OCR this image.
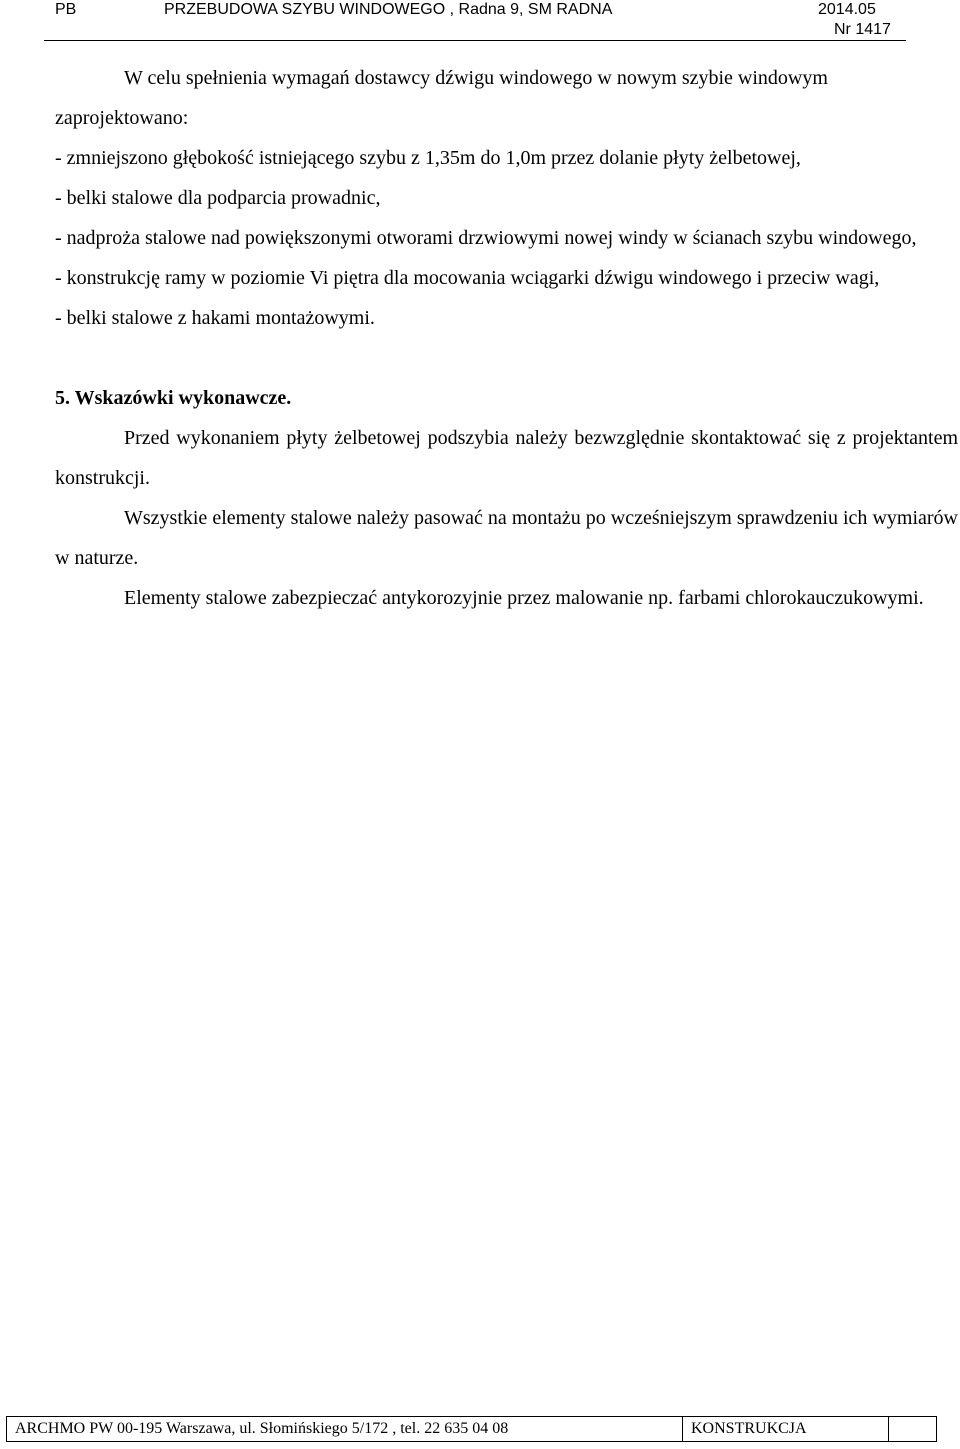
PB	PRZEBUDOWA SZYBU WINDOWEGO , Radna 9, SM RADNA	2014.05
Nr 1417

W celu spełnienia wymagań dostawcy dźwigu windowego w nowym szybie windowym zaprojektowano:

- zmniejszono głębokość istniejącego szybu z 1,35m do 1,0m przez dolanie płyty żelbetowej,

- belki stalowe dla podparcia prowadnic,

- nadproża stalowe nad powiększonymi otworami drzwiowymi nowej windy w ścianach szybu windowego,

- konstrukcję ramy w poziomie Vi piętra dla mocowania wciągarki dźwigu windowego i przeciw wagi,

- belki stalowe z hakami montażowymi.

5. Wskazówki wykonawcze.

Przed wykonaniem płyty żelbetowej podszybia należy bezwzględnie skontaktować się z projektantem konstrukcji.

Wszystkie elementy stalowe należy pasować na montażu po wcześniejszym sprawdzeniu ich wymiarów w naturze.

Elementy stalowe zabezpieczać antykorozyjnie przez malowanie np. farbami chlorokauczukowymi.

ARCHMO PW 00-195 Warszawa, ul. Słomińskiego 5/172 , tel. 22 635 04 08	KONSTRUKCJA
